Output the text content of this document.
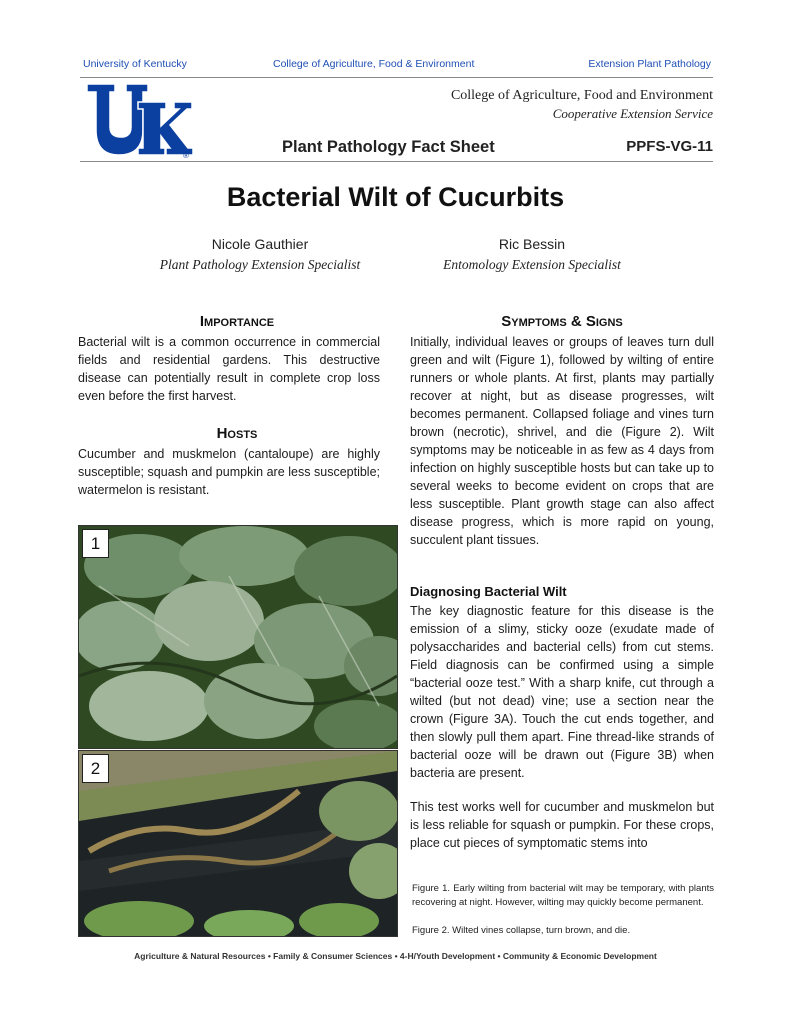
University of Kentucky	College of Agriculture, Food & Environment	Extension Plant Pathology
®
College of Agriculture, Food and Environment
Cooperative Extension Service
Plant Pathology Fact Sheet	PPFS-VG-11
Bacterial Wilt of Cucurbits
Nicole Gauthier
Plant Pathology Extension Specialist
Ric Bessin
Entomology Extension Specialist
Importance
Bacterial wilt is a common occurrence in commercial fields and residential gardens. This destructive disease can potentially result in complete crop loss even before the first harvest.
Hosts
Cucumber and muskmelon (cantaloupe) are highly susceptible; squash and pumpkin are less susceptible; watermelon is resistant.
1
2
Symptoms & Signs
Initially, individual leaves or groups of leaves turn dull green and wilt (Figure 1), followed by wilting of entire runners or whole plants. At first, plants may partially recover at night, but as disease progresses, wilt becomes permanent. Collapsed foliage and vines turn brown (necrotic), shrivel, and die (Figure 2). Wilt symptoms may be noticeable in as few as 4 days from infection on highly susceptible hosts but can take up to several weeks to become evident on crops that are less susceptible. Plant growth stage can also affect disease progress, which is more rapid on young, succulent plant tissues.
Diagnosing Bacterial Wilt
The key diagnostic feature for this disease is the emission of a slimy, sticky ooze (exudate made of polysaccharides and bacterial cells) from cut stems. Field diagnosis can be confirmed using a simple “bacterial ooze test.” With a sharp knife, cut through a wilted (but not dead) vine; use a section near the crown (Figure 3A). Touch the cut ends together, and then slowly pull them apart. Fine thread-like strands of bacterial ooze will be drawn out (Figure 3B) when bacteria are present.
This test works well for cucumber and muskmelon but is less reliable for squash or pumpkin. For these crops, place cut pieces of symptomatic stems into
Figure 1. Early wilting from bacterial wilt may be temporary, with plants recovering at night. However, wilting may quickly become permanent.
Figure 2. Wilted vines collapse, turn brown, and die.
Agriculture & Natural Resources • Family & Consumer Sciences • 4-H/Youth Development • Community & Economic Development
